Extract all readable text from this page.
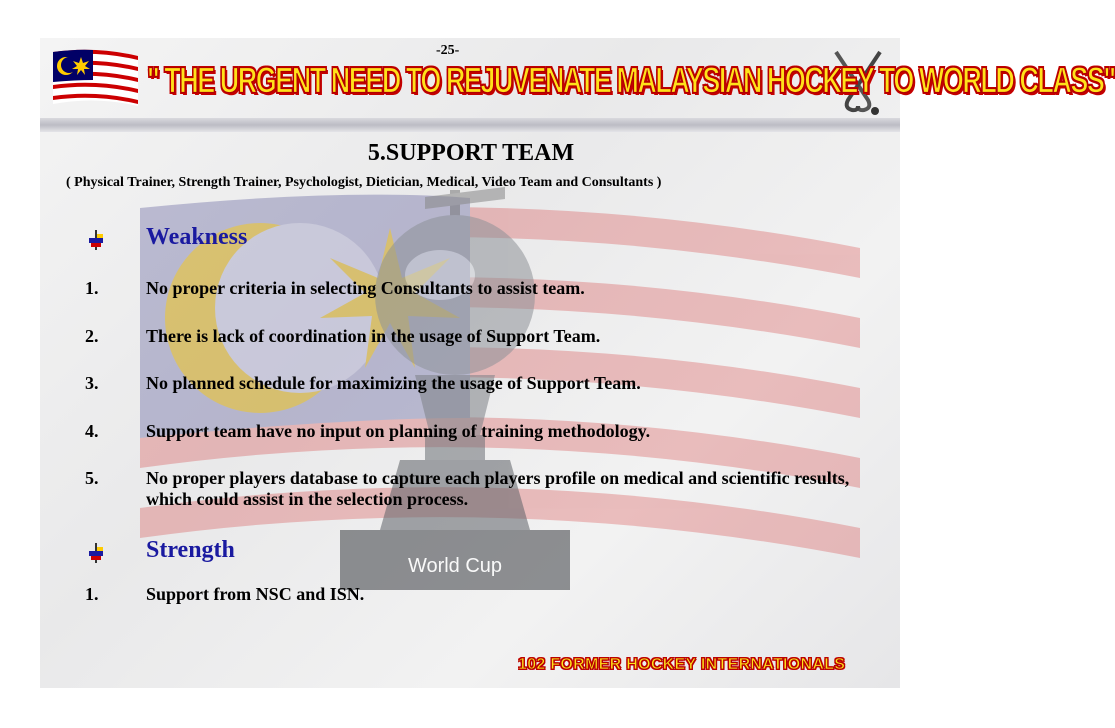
World Cup
-25-
" THE URGENT NEED TO REJUVENATE MALAYSIAN HOCKEY TO WORLD CLASS"
5.SUPPORT TEAM
( Physical Trainer, Strength Trainer, Psychologist, Dietician, Medical, Video Team and Consultants )
Weakness
1.	No proper criteria in selecting Consultants to assist team.
2.	There is lack of coordination in the usage of Support Team.
3.	No planned schedule for maximizing the usage of Support Team.
4.	Support team have no input on planning of training methodology.
5.	No proper players database to capture each players profile on medical and scientific results, which could assist in the selection process.
Strength
1.	Support from NSC and ISN.
102 FORMER HOCKEY INTERNATIONALS
